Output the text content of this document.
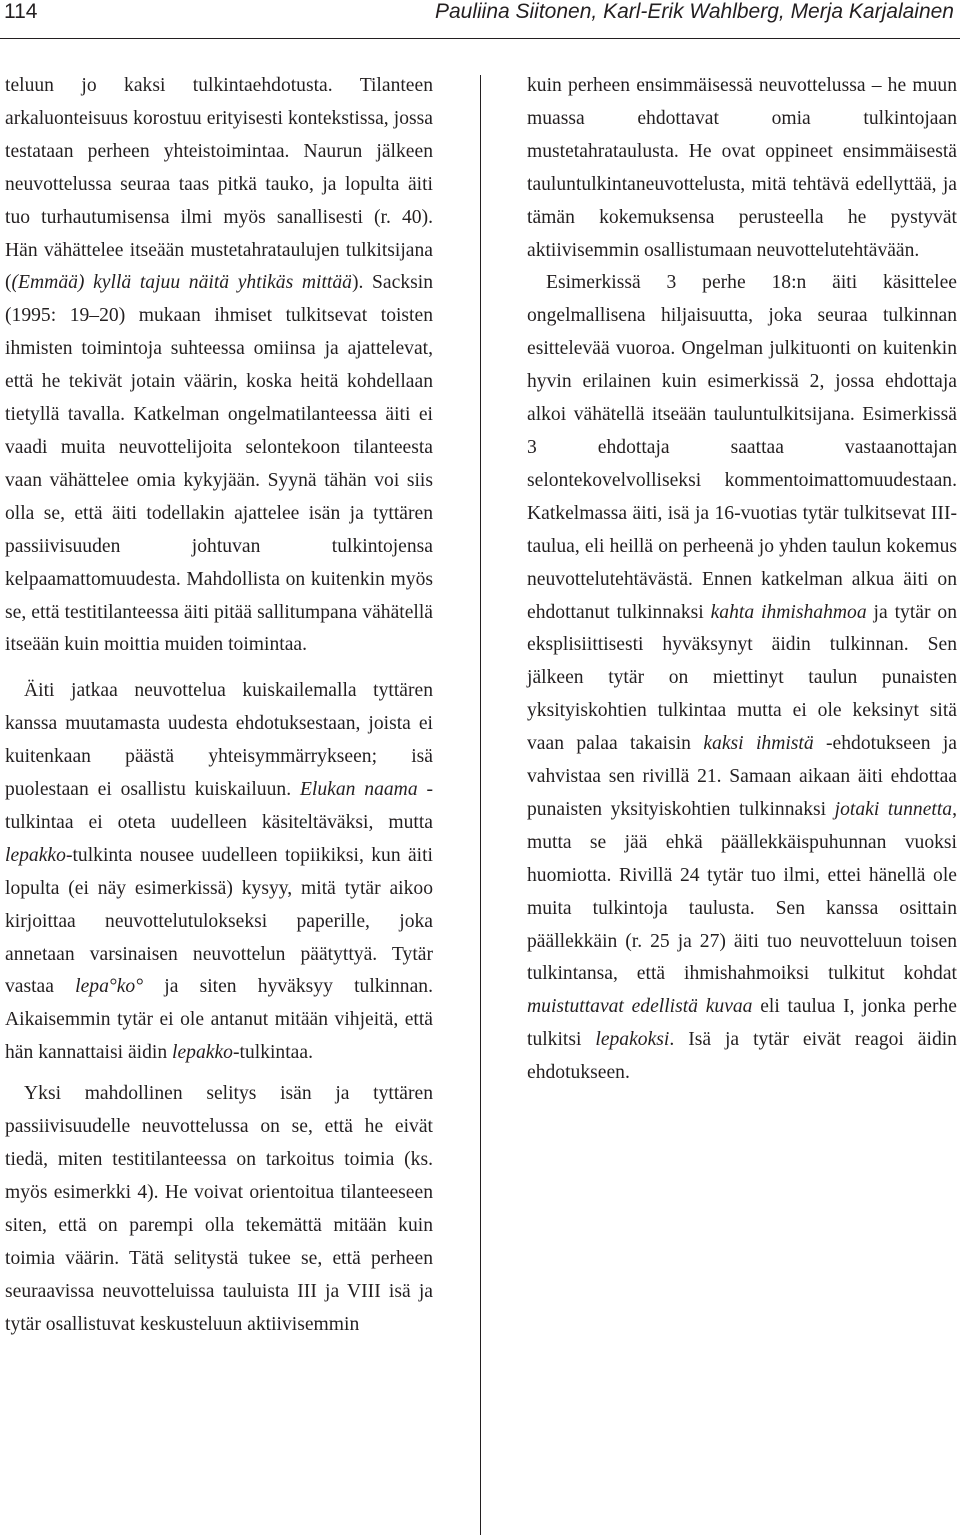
114	Pauliina Siitonen, Karl-Erik Wahlberg, Merja Karjalainen

teluun jo kaksi tulkintaehdotusta. Tilanteen arkaluonteisuus korostuu erityisesti kontekstissa, jossa testataan perheen yhteistoimintaa. Naurun jälkeen neuvottelussa seuraa taas pitkä tauko, ja lopulta äiti tuo turhautumisensa ilmi myös sanallisesti (r. 40). Hän vähättelee itseään mustetahrataulujen tulkitsijana ((Emmää) kyllä tajuu näitä yhtikäs mittää). Sacksin (1995: 19–20) mukaan ihmiset tulkitsevat toisten ihmisten toimintoja suhteessa omiinsa ja ajattelevat, että he tekivät jotain väärin, koska heitä kohdellaan tietyllä tavalla. Katkelman ongelmatilanteessa äiti ei vaadi muita neuvottelijoita selontekoon tilanteesta vaan vähättelee omia kykyjään. Syynä tähän voi siis olla se, että äiti todellakin ajattelee isän ja tyttären passiivisuuden johtuvan tulkintojensa kelpaamattomuudesta. Mahdollista on kuitenkin myös se, että testitilanteessa äiti pitää sallitumpana vähätellä itseään kuin moittia muiden toimintaa.

Äiti jatkaa neuvottelua kuiskailemalla tyttären kanssa muutamasta uudesta ehdotuksestaan, joista ei kuitenkaan päästä yhteisymmärrykseen; isä puolestaan ei osallistu kuiskailuun. Elukan naama -tulkintaa ei oteta uudelleen käsiteltäväksi, mutta lepakko-tulkinta nousee uudelleen topiikiksi, kun äiti lopulta (ei näy esimerkissä) kysyy, mitä tytär aikoo kirjoittaa neuvottelutulokseksi paperille, joka annetaan varsinaisen neuvottelun päätyttyä. Tytär vastaa lepa°ko° ja siten hyväksyy tulkinnan. Aikaisemmin tytär ei ole antanut mitään vihjeitä, että hän kannattaisi äidin lepakko-tulkintaa.

Yksi mahdollinen selitys isän ja tyttären passiivisuudelle neuvottelussa on se, että he eivät tiedä, miten testitilanteessa on tarkoitus toimia (ks. myös esimerkki 4). He voivat orientoitua tilanteeseen siten, että on parempi olla tekemättä mitään kuin toimia väärin. Tätä selitystä tukee se, että perheen seuraavissa neuvotteluissa tauluista III ja VIII isä ja tytär osallistuvat keskusteluun aktiivisemmin

kuin perheen ensimmäisessä neuvottelussa – he muun muassa ehdottavat omia tulkintojaan mustetahrataulusta. He ovat oppineet ensimmäisestä tauluntulkintaneuvottelusta, mitä tehtävä edellyttää, ja tämän kokemuksensa perusteella he pystyvät aktiivisemmin osallistumaan neuvottelutehtävään.

Esimerkissä 3 perhe 18:n äiti käsittelee ongelmallisena hiljaisuutta, joka seuraa tulkinnan esittelevää vuoroa. Ongelman julkituonti on kuitenkin hyvin erilainen kuin esimerkissä 2, jossa ehdottaja alkoi vähätellä itseään tauluntulkitsijana. Esimerkissä 3 ehdottaja saattaa vastaanottajan selontekovelvolliseksi kommentoimattomuudestaan. Katkelmassa äiti, isä ja 16-vuotias tytär tulkitsevat III-taulua, eli heillä on perheenä jo yhden taulun kokemus neuvottelutehtävästä. Ennen katkelman alkua äiti on ehdottanut tulkinnaksi kahta ihmishahmoa ja tytär on eksplisiittisesti hyväksynyt äidin tulkinnan. Sen jälkeen tytär on miettinyt taulun punaisten yksityiskohtien tulkintaa mutta ei ole keksinyt sitä vaan palaa takaisin kaksi ihmistä -ehdotukseen ja vahvistaa sen rivillä 21. Samaan aikaan äiti ehdottaa punaisten yksityiskohtien tulkinnaksi jotaki tunnetta, mutta se jää ehkä päällekkäispuhunnan vuoksi huomiotta. Rivillä 24 tytär tuo ilmi, ettei hänellä ole muita tulkintoja taulusta. Sen kanssa osittain päällekkäin (r. 25 ja 27) äiti tuo neuvotteluun toisen tulkintansa, että ihmishahmoiksi tulkitut kohdat muistuttavat edellistä kuvaa eli taulua I, jonka perhe tulkitsi lepakoksi. Isä ja tytär eivät reagoi äidin ehdotukseen.
